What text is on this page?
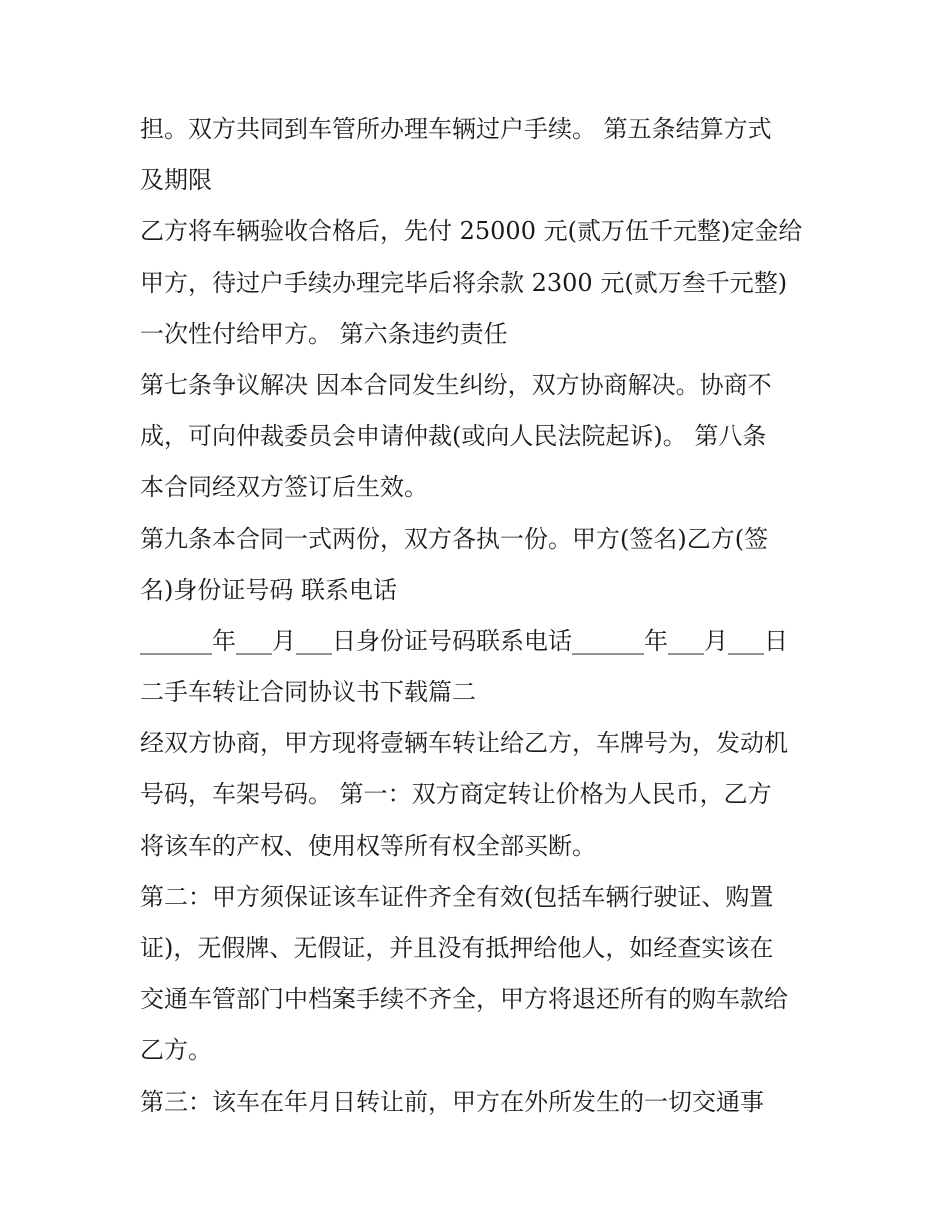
担。双方共同到车管所办理车辆过户手续。 第五条结算方式
及期限
乙方将车辆验收合格后，先付 25000 元(贰万伍千元整)定金给
甲方，待过户手续办理完毕后将余款 2300 元(贰万叁千元整)
一次性付给甲方。 第六条违约责任
第七条争议解决 因本合同发生纠纷，双方协商解决。协商不
成，可向仲裁委员会申请仲裁(或向人民法院起诉)。 第八条
本合同经双方签订后生效。
第九条本合同一式两份，双方各执一份。甲方(签名)乙方(签
名)身份证号码 联系电话
______年___月___日身份证号码联系电话______年___月___日
二手车转让合同协议书下载篇二
经双方协商，甲方现将壹辆车转让给乙方，车牌号为，发动机
号码，车架号码。 第一：双方商定转让价格为人民币，乙方
将该车的产权、使用权等所有权全部买断。
第二：甲方须保证该车证件齐全有效(包括车辆行驶证、购置
证)，无假牌、无假证，并且没有抵押给他人，如经查实该在
交通车管部门中档案手续不齐全，甲方将退还所有的购车款给
乙方。
第三：该车在年月日转让前，甲方在外所发生的一切交通事
